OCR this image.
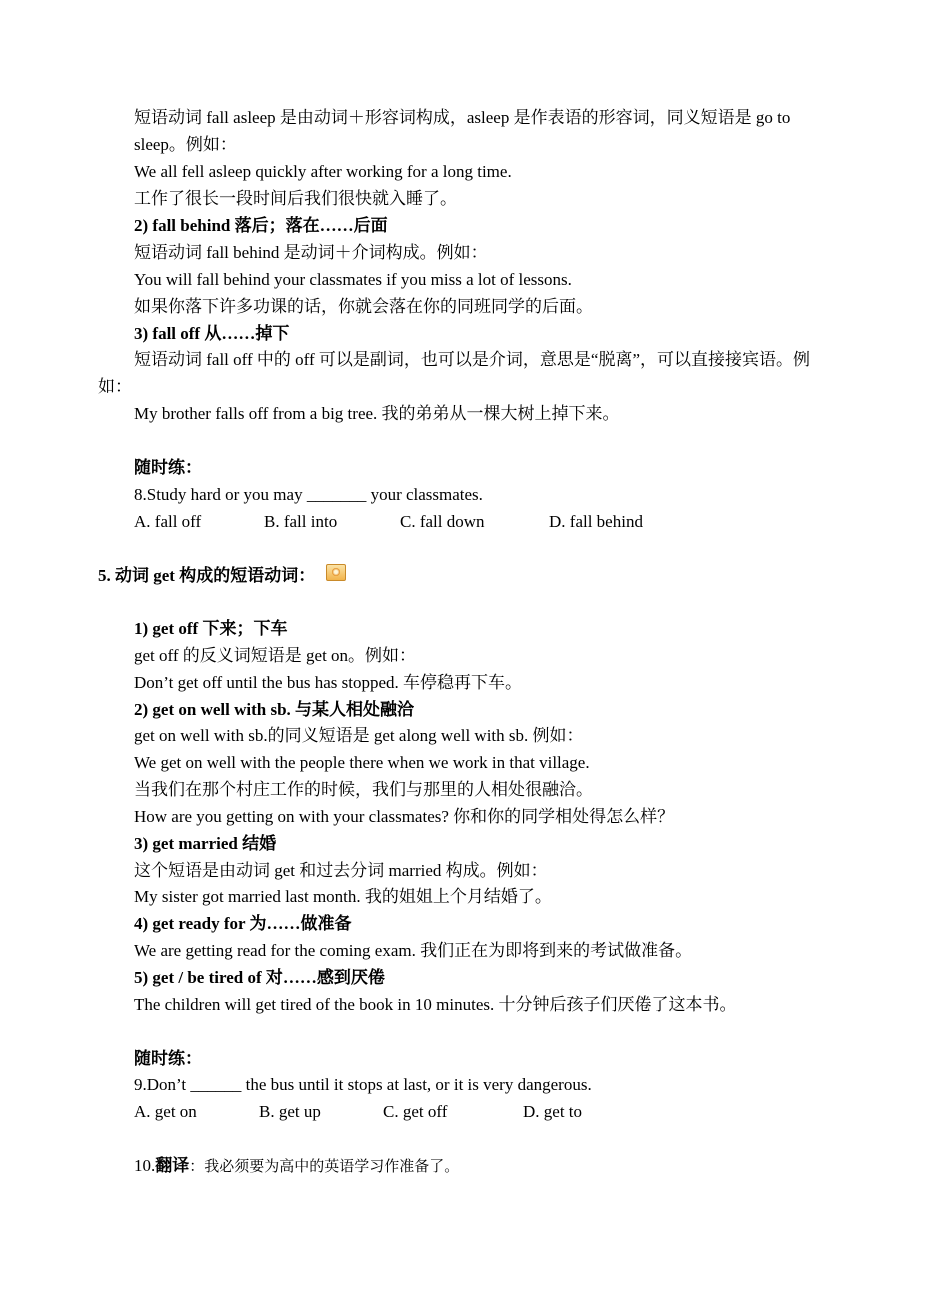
短语动词 fall asleep 是由动词＋形容词构成，asleep 是作表语的形容词，同义短语是 go to
sleep。例如：
We all fell asleep quickly after working for a long time.
工作了很长一段时间后我们很快就入睡了。
2) fall behind 落后；落在……后面
短语动词 fall behind 是动词＋介词构成。例如：
You will fall behind your classmates if you miss a lot of lessons.
如果你落下许多功课的话，你就会落在你的同班同学的后面。
3) fall off 从……掉下
短语动词 fall off 中的 off 可以是副词，也可以是介词，意思是“脱离”，可以直接接宾语。例
如：
My brother falls off from a big tree. 我的弟弟从一棵大树上掉下来。
随时练：
8.Study hard or you may _______ your classmates.
A. fall off	B. fall into	C. fall down	D. fall behind
5. 动词 get 构成的短语动词：
1) get off 下来；下车
get off 的反义词短语是 get on。例如：
Don’t get off until the bus has stopped. 车停稳再下车。
2) get on well with sb. 与某人相处融洽
get on well with sb.的同义短语是 get along well with sb. 例如：
We get on well with the people there when we work in that village.
当我们在那个村庄工作的时候，我们与那里的人相处很融洽。
How are you getting on with your classmates? 你和你的同学相处得怎么样？
3) get married 结婚
这个短语是由动词 get 和过去分词 married 构成。例如：
My sister got married last month. 我的姐姐上个月结婚了。
4) get ready for 为……做准备
We are getting read for the coming exam. 我们正在为即将到来的考试做准备。
5) get / be tired of 对……感到厌倦
The children will get tired of the book in 10 minutes. 十分钟后孩子们厌倦了这本书。
随时练：
9.Don’t ______ the bus until it stops at last, or it is very dangerous.
A. get on	B. get up	C. get off	D. get to
10.翻译：我必须要为高中的英语学习作准备了。
